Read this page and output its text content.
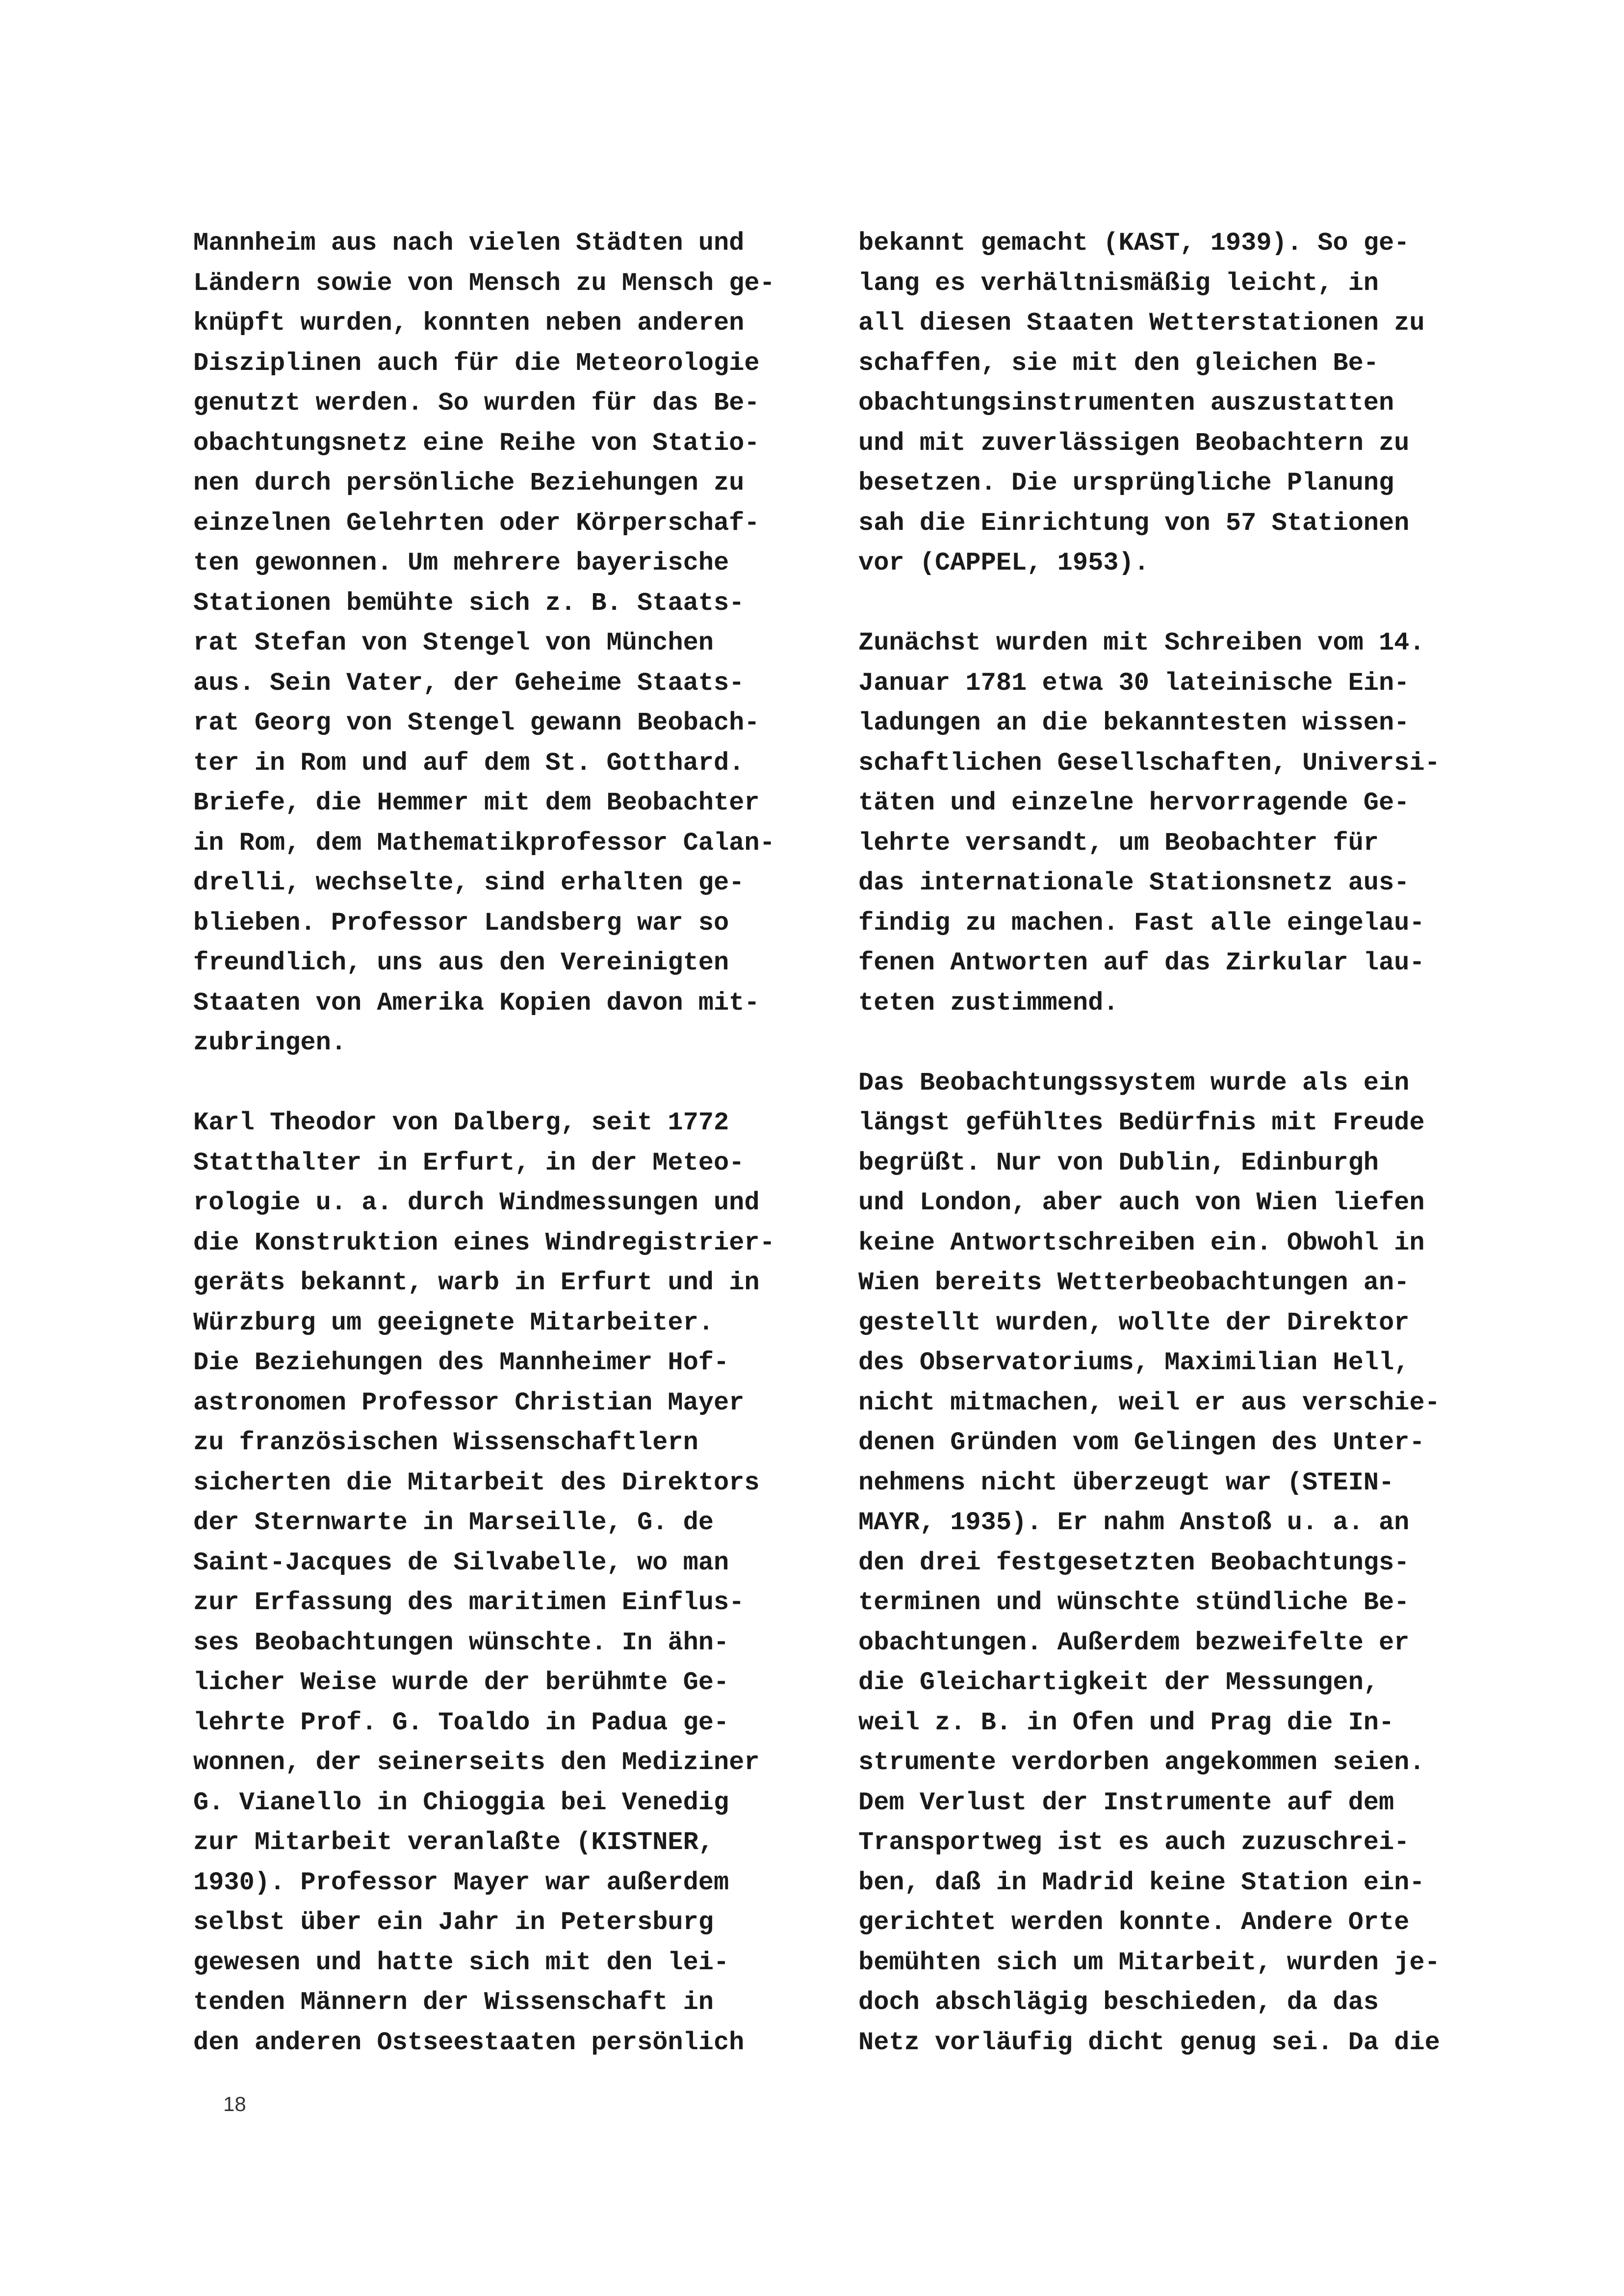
Mannheim aus nach vielen Städten und
Ländern sowie von Mensch zu Mensch ge-
knüpft wurden, konnten neben anderen
Disziplinen auch für die Meteorologie
genutzt werden. So wurden für das Be-
obachtungsnetz eine Reihe von Statio-
nen durch persönliche Beziehungen zu
einzelnen Gelehrten oder Körperschaf-
ten gewonnen. Um mehrere bayerische
Stationen bemühte sich z. B. Staats-
rat Stefan von Stengel von München
aus. Sein Vater, der Geheime Staats-
rat Georg von Stengel gewann Beobach-
ter in Rom und auf dem St. Gotthard.
Briefe, die Hemmer mit dem Beobachter
in Rom, dem Mathematikprofessor Calan-
drelli, wechselte, sind erhalten ge-
blieben. Professor Landsberg war so
freundlich, uns aus den Vereinigten
Staaten von Amerika Kopien davon mit-
zubringen.
Karl Theodor von Dalberg, seit 1772
Statthalter in Erfurt, in der Meteo-
rologie u. a. durch Windmessungen und
die Konstruktion eines Windregistrier-
geräts bekannt, warb in Erfurt und in
Würzburg um geeignete Mitarbeiter.
Die Beziehungen des Mannheimer Hof-
astronomen Professor Christian Mayer
zu französischen Wissenschaftlern
sicherten die Mitarbeit des Direktors
der Sternwarte in Marseille, G. de
Saint-Jacques de Silvabelle, wo man
zur Erfassung des maritimen Einflus-
ses Beobachtungen wünschte. In ähn-
licher Weise wurde der berühmte Ge-
lehrte Prof. G. Toaldo in Padua ge-
wonnen, der seinerseits den Mediziner
G. Vianello in Chioggia bei Venedig
zur Mitarbeit veranlaßte (KISTNER,
1930). Professor Mayer war außerdem
selbst über ein Jahr in Petersburg
gewesen und hatte sich mit den lei-
tenden Männern der Wissenschaft in
den anderen Ostseestaaten persönlich
bekannt gemacht (KAST, 1939). So ge-
lang es verhältnismäßig leicht, in
all diesen Staaten Wetterstationen zu
schaffen, sie mit den gleichen Be-
obachtungsinstrumenten auszustatten
und mit zuverlässigen Beobachtern zu
besetzen. Die ursprüngliche Planung
sah die Einrichtung von 57 Stationen
vor (CAPPEL, 1953).
Zunächst wurden mit Schreiben vom 14.
Januar 1781 etwa 30 lateinische Ein-
ladungen an die bekanntesten wissen-
schaftlichen Gesellschaften, Universi-
täten und einzelne hervorragende Ge-
lehrte versandt, um Beobachter für
das internationale Stationsnetz aus-
findig zu machen. Fast alle eingelau-
fenen Antworten auf das Zirkular lau-
teten zustimmend.
Das Beobachtungssystem wurde als ein
längst gefühltes Bedürfnis mit Freude
begrüßt. Nur von Dublin, Edinburgh
und London, aber auch von Wien liefen
keine Antwortschreiben ein. Obwohl in
Wien bereits Wetterbeobachtungen an-
gestellt wurden, wollte der Direktor
des Observatoriums, Maximilian Hell,
nicht mitmachen, weil er aus verschie-
denen Gründen vom Gelingen des Unter-
nehmens nicht überzeugt war (STEIN-
MAYR, 1935). Er nahm Anstoß u. a. an
den drei festgesetzten Beobachtungs-
terminen und wünschte stündliche Be-
obachtungen. Außerdem bezweifelte er
die Gleichartigkeit der Messungen,
weil z. B. in Ofen und Prag die In-
strumente verdorben angekommen seien.
Dem Verlust der Instrumente auf dem
Transportweg ist es auch zuzuschrei-
ben, daß in Madrid keine Station ein-
gerichtet werden konnte. Andere Orte
bemühten sich um Mitarbeit, wurden je-
doch abschlägig beschieden, da das
Netz vorläufig dicht genug sei. Da die
18
